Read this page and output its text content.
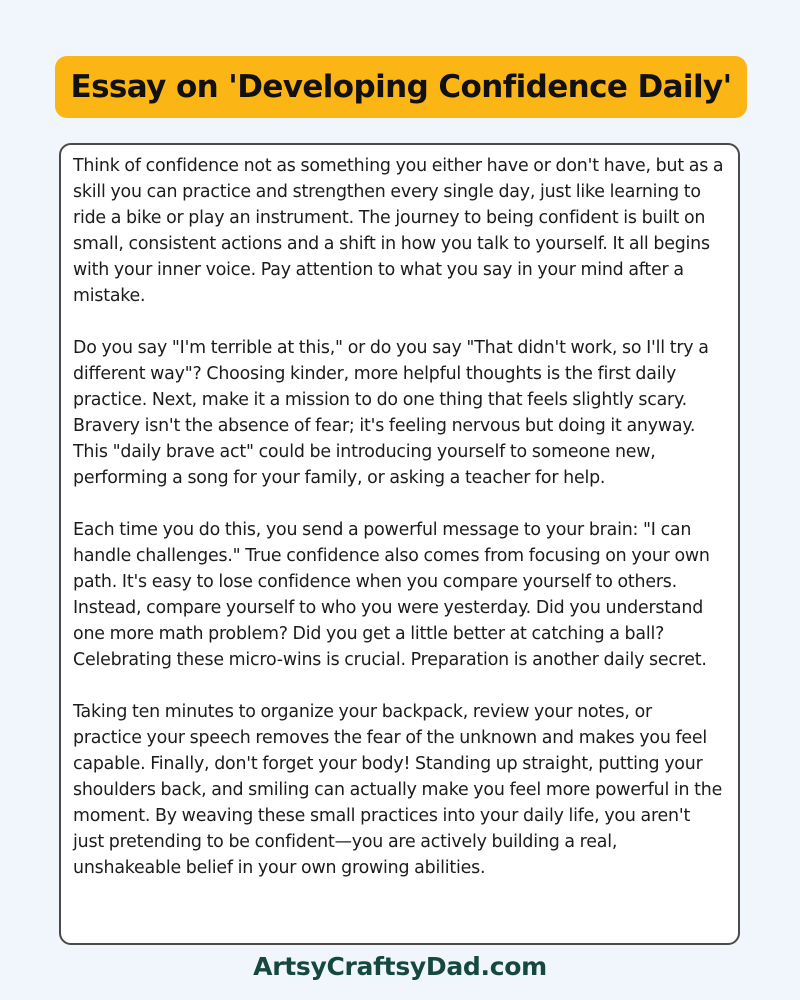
Essay on 'Developing Confidence Daily'

Think of confidence not as something you either have or don't have, but as a skill you can practice and strengthen every single day, just like learning to ride a bike or play an instrument. The journey to being confident is built on small, consistent actions and a shift in how you talk to yourself. It all begins with your inner voice. Pay attention to what you say in your mind after a mistake.

Do you say "I'm terrible at this," or do you say "That didn't work, so I'll try a different way"? Choosing kinder, more helpful thoughts is the first daily practice. Next, make it a mission to do one thing that feels slightly scary. Bravery isn't the absence of fear; it's feeling nervous but doing it anyway. This "daily brave act" could be introducing yourself to someone new, performing a song for your family, or asking a teacher for help.

Each time you do this, you send a powerful message to your brain: "I can handle challenges." True confidence also comes from focusing on your own path. It's easy to lose confidence when you compare yourself to others. Instead, compare yourself to who you were yesterday. Did you understand one more math problem? Did you get a little better at catching a ball? Celebrating these micro-wins is crucial. Preparation is another daily secret.

Taking ten minutes to organize your backpack, review your notes, or practice your speech removes the fear of the unknown and makes you feel capable. Finally, don't forget your body! Standing up straight, putting your shoulders back, and smiling can actually make you feel more powerful in the moment. By weaving these small practices into your daily life, you aren't just pretending to be confident—you are actively building a real, unshakeable belief in your own growing abilities.

ArtsyCraftsyDad.com
